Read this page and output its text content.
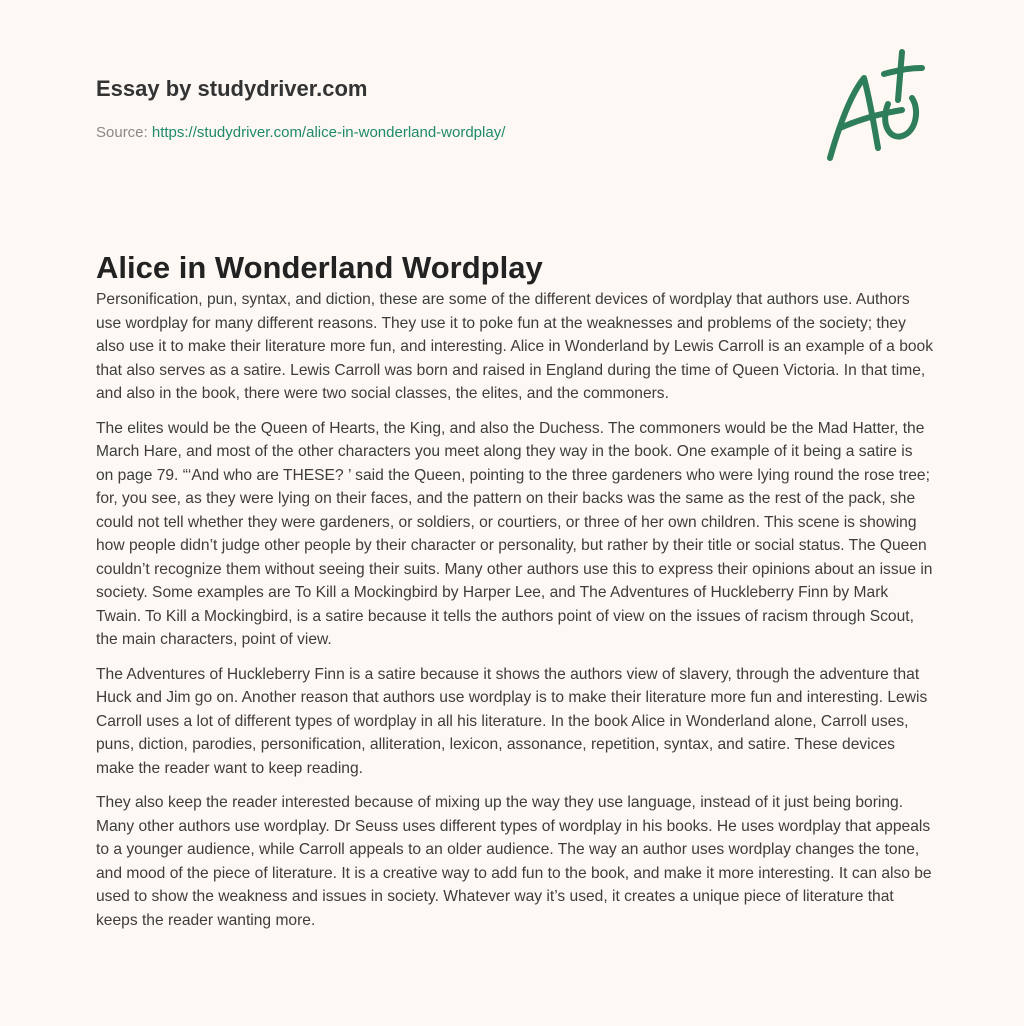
Essay by studydriver.com
Source: https://studydriver.com/alice-in-wonderland-wordplay/
Alice in Wonderland Wordplay

Personification, pun, syntax, and diction, these are some of the different devices of wordplay that authors use. Authors use wordplay for many different reasons. They use it to poke fun at the weaknesses and problems of the society; they also use it to make their literature more fun, and interesting. Alice in Wonderland by Lewis Carroll is an example of a book that also serves as a satire. Lewis Carroll was born and raised in England during the time of Queen Victoria. In that time, and also in the book, there were two social classes, the elites, and the commoners.

The elites would be the Queen of Hearts, the King, and also the Duchess. The commoners would be the Mad Hatter, the March Hare, and most of the other characters you meet along they way in the book. One example of it being a satire is on page 79. “‘And who are THESE? ’ said the Queen, pointing to the three gardeners who were lying round the rose tree; for, you see, as they were lying on their faces, and the pattern on their backs was the same as the rest of the pack, she could not tell whether they were gardeners, or soldiers, or courtiers, or three of her own children. This scene is showing how people didn’t judge other people by their character or personality, but rather by their title or social status. The Queen couldn’t recognize them without seeing their suits. Many other authors use this to express their opinions about an issue in society. Some examples are To Kill a Mockingbird by Harper Lee, and The Adventures of Huckleberry Finn by Mark Twain. To Kill a Mockingbird, is a satire because it tells the authors point of view on the issues of racism through Scout, the main characters, point of view.

The Adventures of Huckleberry Finn is a satire because it shows the authors view of slavery, through the adventure that Huck and Jim go on. Another reason that authors use wordplay is to make their literature more fun and interesting. Lewis Carroll uses a lot of different types of wordplay in all his literature. In the book Alice in Wonderland alone, Carroll uses, puns, diction, parodies, personification, alliteration, lexicon, assonance, repetition, syntax, and satire. These devices make the reader want to keep reading.

They also keep the reader interested because of mixing up the way they use language, instead of it just being boring. Many other authors use wordplay. Dr Seuss uses different types of wordplay in his books. He uses wordplay that appeals to a younger audience, while Carroll appeals to an older audience. The way an author uses wordplay changes the tone, and mood of the piece of literature. It is a creative way to add fun to the book, and make it more interesting. It can also be used to show the weakness and issues in society. Whatever way it’s used, it creates a unique piece of literature that keeps the reader wanting more.
